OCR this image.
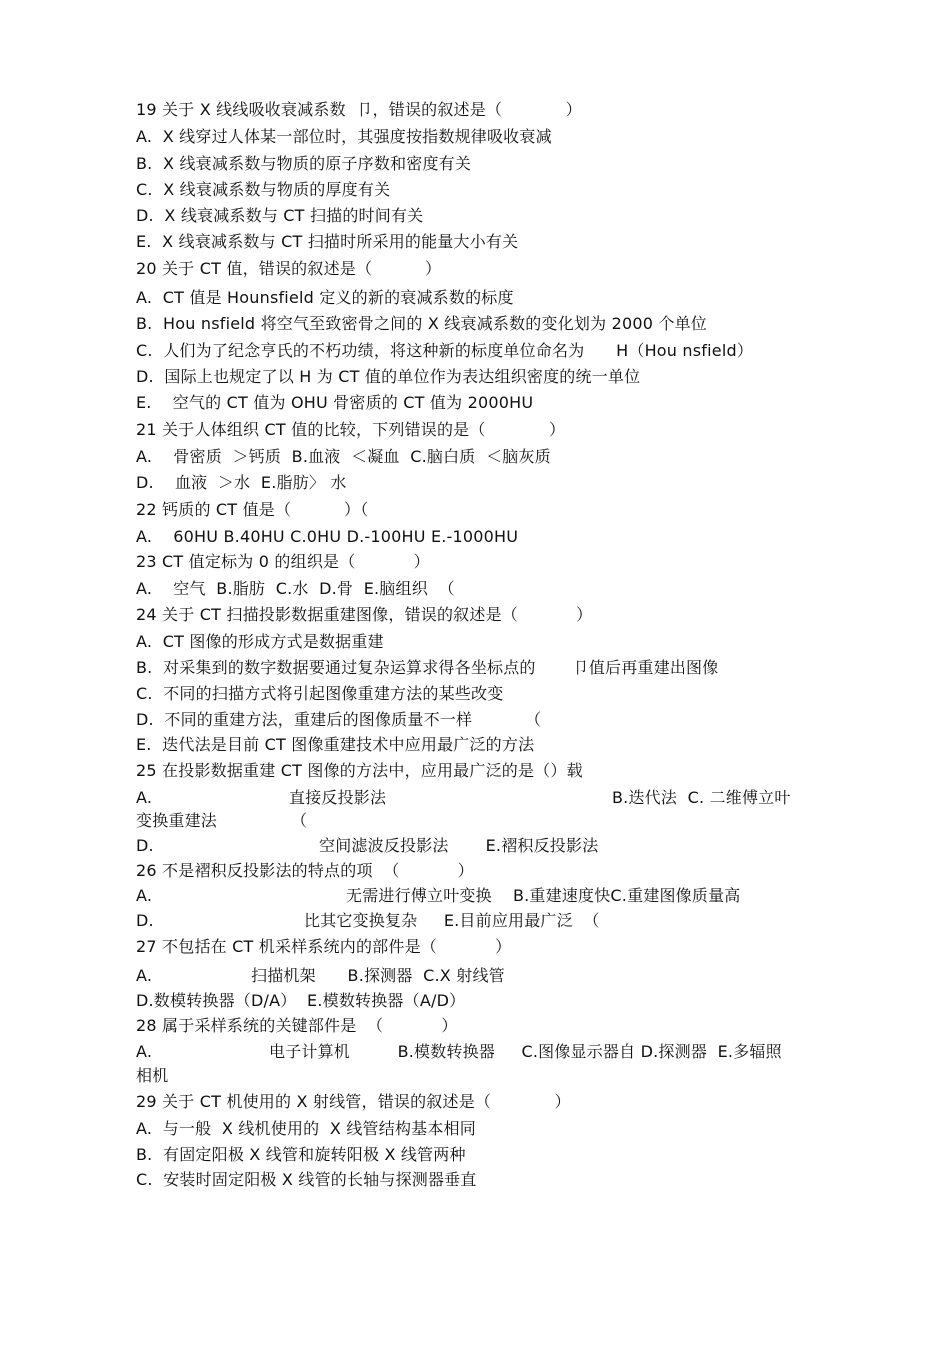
19 关于 X 线线吸收衰减系数  卩，错误的叙述是（            ）
A.  X 线穿过人体某一部位时，其强度按指数规律吸收衰减
B.  X 线衰减系数与物质的原子序数和密度有关
C.  X 线衰减系数与物质的厚度有关
D.  X 线衰减系数与 CT 扫描的时间有关
E.  X 线衰减系数与 CT 扫描时所采用的能量大小有关
20 关于 CT 值，错误的叙述是（          ）
A.  CT 值是 Hounsfield 定义的新的衰减系数的标度
B.  Hou nsfield 将空气至致密骨之间的 X 线衰减系数的变化划为 2000 个单位
C.  人们为了纪念亨氏的不朽功绩，将这种新的标度单位命名为      H（Hou nsfield）
D.  国际上也规定了以 H 为 CT 值的单位作为表达组织密度的统一单位
E.    空气的 CT 值为 OHU 骨密质的 CT 值为 2000HU
21 关于人体组织 CT 值的比较，下列错误的是（            ）
A.    骨密质  ＞钙质  B.血液  ＜凝血  C.脑白质  ＜脑灰质
D.    血液  ＞水  E.脂肪〉 水
22 钙质的 CT 值是（          ）（
A.    60HU B.40HU C.0HU D.-100HU E.-1000HU
23 CT 值定标为 0 的组织是（           ）
A.    空气  B.脂肪  C.水  D.骨  E.脑组织  （
24 关于 CT 扫描投影数据重建图像，错误的叙述是（           ）
A.  CT 图像的形成方式是数据重建
B.  对采集到的数字数据要通过复杂运算求得各坐标点的       卩值后再重建出图像
C.  不同的扫描方式将引起图像重建方法的某些改变
D.  不同的重建方法，重建后的图像质量不一样          （
E.  迭代法是目前 CT 图像重建技术中应用最广泛的方法
25 在投影数据重建 CT 图像的方法中，应用最广泛的是（）载
A.	直接反投影法	B.迭代法  C. 二维傅立叶
变换重建法              （
D.	空间滤波反投影法       E.褶积反投影法
26 不是褶积反投影法的特点的项  （           ）
A.	无需进行傅立叶变换    B.重建速度快C.重建图像质量高
D.	比其它变换复杂     E.目前应用最广泛  （
27 不包括在 CT 机采样系统内的部件是（           ）
A.	扫描机架      B.探测器  C.X 射线管
D.数模转换器（D/A）  E.模数转换器（A/D）
28 属于采样系统的关键部件是  （           ）
A.	电子计算机         B.模数转换器     C.图像显示器自 D.探测器  E.多辐照
相机
29 关于 CT 机使用的 X 射线管，错误的叙述是（            ）
A.  与一般  X 线机使用的  X 线管结构基本相同
B.  有固定阳极 X 线管和旋转阳极 X 线管两种
C.  安装时固定阳极 X 线管的长轴与探测器垂直
